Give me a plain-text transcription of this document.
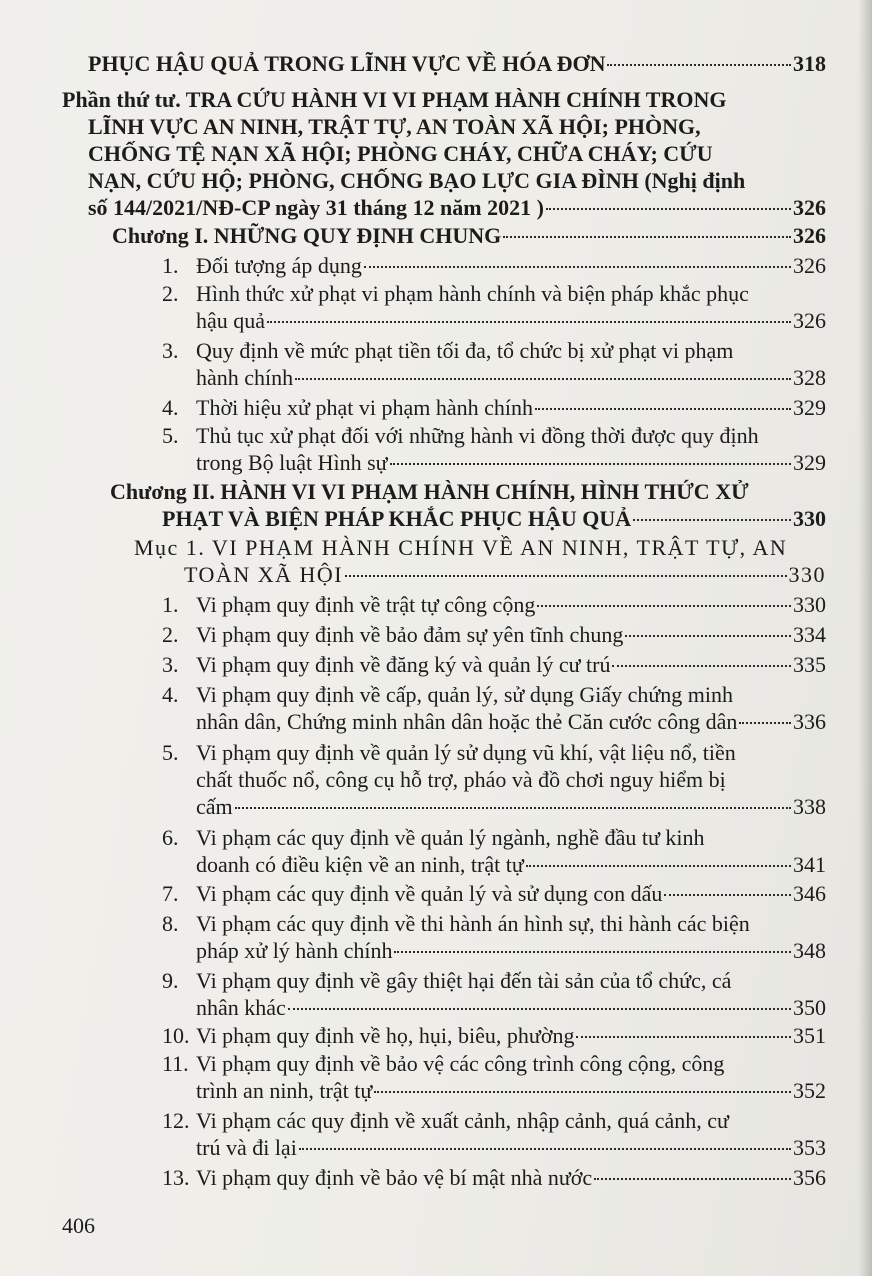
PHỤC HẬU QUẢ TRONG LĨNH VỰC VỀ HÓA ĐƠN	318
Phần thứ tư. TRA CỨU HÀNH VI VI PHẠM HÀNH CHÍNH TRONG
LĨNH VỰC AN NINH, TRẬT TỰ, AN TOÀN XÃ HỘI; PHÒNG,
CHỐNG TỆ NẠN XÃ HỘI; PHÒNG CHÁY, CHỮA CHÁY; CỨU
NẠN, CỨU HỘ; PHÒNG, CHỐNG BẠO LỰC GIA ĐÌNH (Nghị định
số 144/2021/NĐ-CP ngày 31 tháng 12 năm 2021 )	326
Chương I. NHỮNG QUY ĐỊNH CHUNG	326
1. Đối tượng áp dụng	326
2. Hình thức xử phạt vi phạm hành chính và biện pháp khắc phục
hậu quả	326
3. Quy định về mức phạt tiền tối đa, tổ chức bị xử phạt vi phạm
hành chính	328
4. Thời hiệu xử phạt vi phạm hành chính	329
5. Thủ tục xử phạt đối với những hành vi đồng thời được quy định
trong Bộ luật Hình sự	329
Chương II. HÀNH VI VI PHẠM HÀNH CHÍNH, HÌNH THỨC XỬ
PHẠT VÀ BIỆN PHÁP KHẮC PHỤC HẬU QUẢ	330
Mục 1. VI PHẠM HÀNH CHÍNH VỀ AN NINH, TRẬT TỰ, AN
TOÀN XÃ HỘI	330
1. Vi phạm quy định về trật tự công cộng	330
2. Vi phạm quy định về bảo đảm sự yên tĩnh chung	334
3. Vi phạm quy định về đăng ký và quản lý cư trú	335
4. Vi phạm quy định về cấp, quản lý, sử dụng Giấy chứng minh
nhân dân, Chứng minh nhân dân hoặc thẻ Căn cước công dân	336
5. Vi phạm quy định về quản lý sử dụng vũ khí, vật liệu nổ, tiền
chất thuốc nổ, công cụ hỗ trợ, pháo và đồ chơi nguy hiểm bị
cấm	338
6. Vi phạm các quy định về quản lý ngành, nghề đầu tư kinh
doanh có điều kiện về an ninh, trật tự	341
7. Vi phạm các quy định về quản lý và sử dụng con dấu	346
8. Vi phạm các quy định về thi hành án hình sự, thi hành các biện
pháp xử lý hành chính	348
9. Vi phạm quy định về gây thiệt hại đến tài sản của tổ chức, cá
nhân khác	350
10. Vi phạm quy định về họ, hụi, biêu, phường	351
11. Vi phạm quy định về bảo vệ các công trình công cộng, công
trình an ninh, trật tự	352
12. Vi phạm các quy định về xuất cảnh, nhập cảnh, quá cảnh, cư
trú và đi lại	353
13. Vi phạm quy định về bảo vệ bí mật nhà nước	356
406
